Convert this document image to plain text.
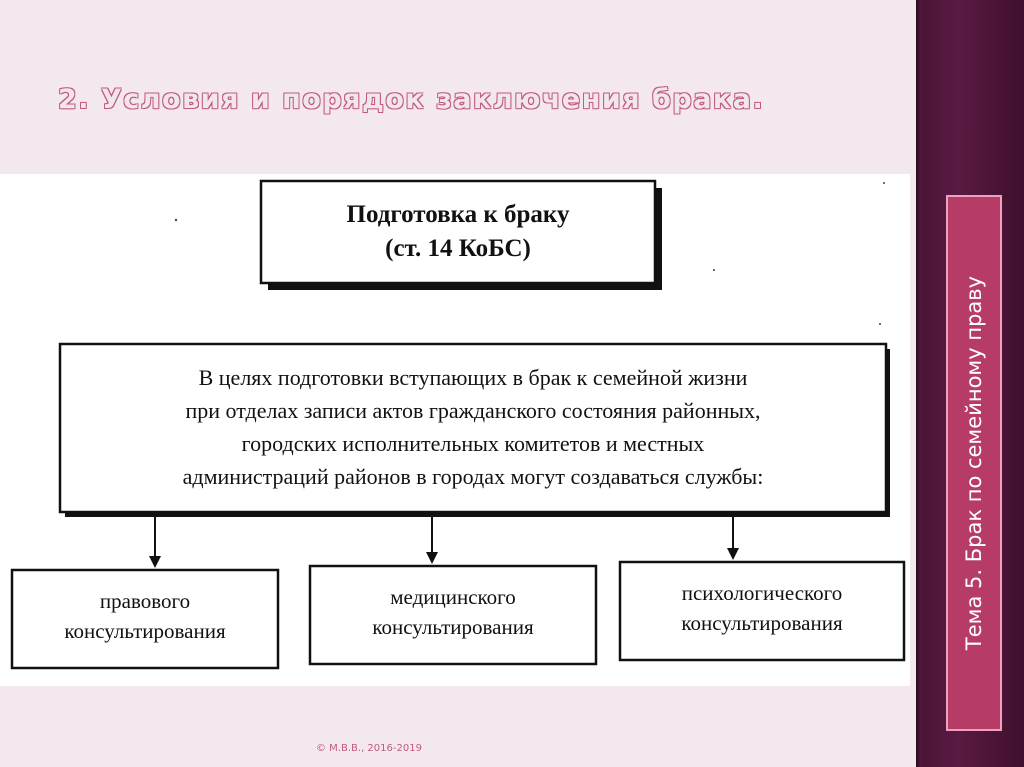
2. Условия и порядок заключения брака.
Тема 5. Брак по семейному праву
Подготовка к браку
(ст. 14 КоБС)
В целях подготовки вступающих в брак к семейной жизни
при отделах записи актов гражданского состояния районных,
городских исполнительных комитетов и местных
администраций районов в городах могут создаваться службы:
правового
консультирования
медицинского
консультирования
психологического
консультирования

© М.В.В., 2016-2019
